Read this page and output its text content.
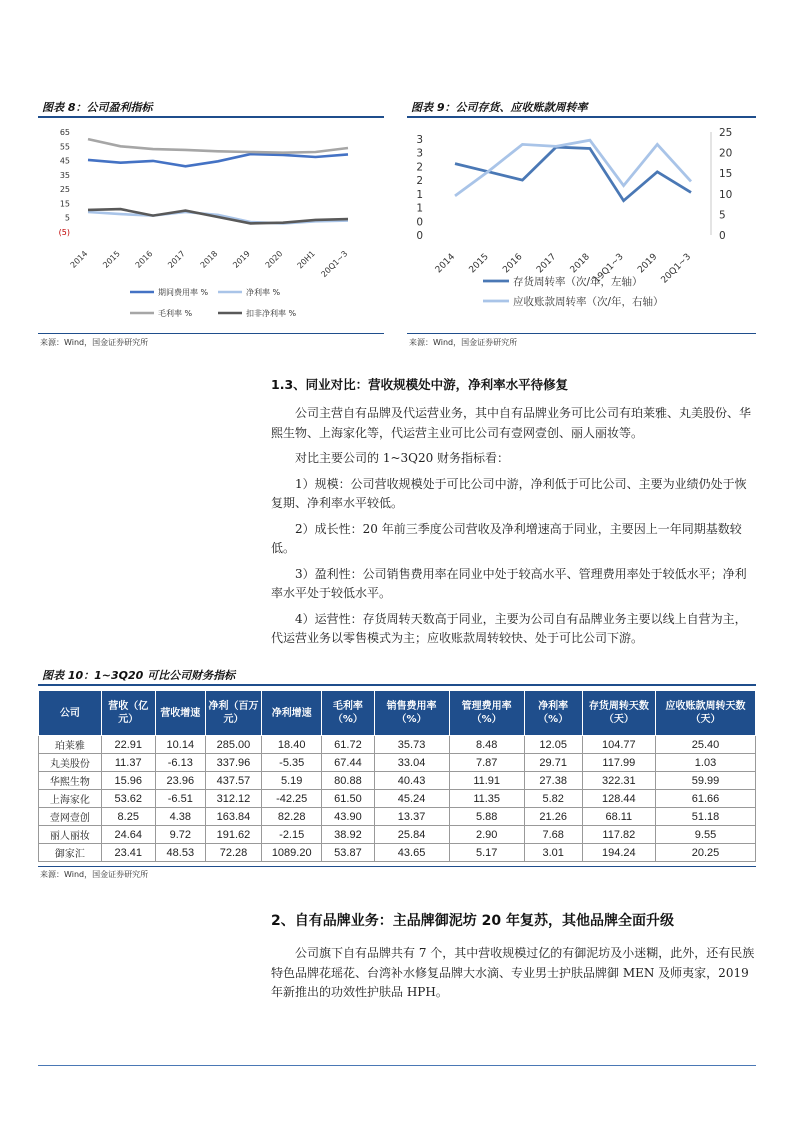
图表 8：公司盈利指标
65
55
45
35
25
15
5
(5)
2014 2015 2016 2017 2018 2019 2020 20H1 20Q1~3
期间费用率 %	净利率 %
毛利率 %	扣非净利率 %
来源：Wind，国金证券研究所
图表 9：公司存货、应收账款周转率
3
3
2
2
1
1
0
0
25
20
15
10
5
0
2014 2015 2016 2017 2018 19Q1~3 2019 20Q1~3
存货周转率（次/年，左轴）
应收账款周转率（次/年，右轴）
来源：Wind，国金证券研究所
1.3、同业对比：营收规模处中游，净利率水平待修复

公司主营自有品牌及代运营业务，其中自有品牌业务可比公司有珀莱雅、丸美股份、华熙生物、上海家化等，代运营主业可比公司有壹网壹创、丽人丽妆等。

对比主要公司的 1~3Q20 财务指标看：

1）规模：公司营收规模处于可比公司中游，净利低于可比公司、主要为业绩仍处于恢复期、净利率水平较低。

2）成长性：20 年前三季度公司营收及净利增速高于同业，主要因上一年同期基数较低。

3）盈利性：公司销售费用率在同业中处于较高水平、管理费用率处于较低水平；净利率水平处于较低水平。

4）运营性：存货周转天数高于同业，主要为公司自有品牌业务主要以线上自营为主，代运营业务以零售模式为主；应收账款周转较快、处于可比公司下游。

图表 10：1~3Q20 可比公司财务指标
公司	营收（亿元）	营收增速	净利（百万元）	净利增速	毛利率（%）	销售费用率（%）	管理费用率（%）	净利率（%）	存货周转天数（天）	应收账款周转天数（天）
珀莱雅	22.91	10.14	285.00	18.40	61.72	35.73	8.48	12.05	104.77	25.40
丸美股份	11.37	-6.13	337.96	-5.35	67.44	33.04	7.87	29.71	117.99	1.03
华熙生物	15.96	23.96	437.57	5.19	80.88	40.43	11.91	27.38	322.31	59.99
上海家化	53.62	-6.51	312.12	-42.25	61.50	45.24	11.35	5.82	128.44	61.66
壹网壹创	8.25	4.38	163.84	82.28	43.90	13.37	5.88	21.26	68.11	51.18
丽人丽妆	24.64	9.72	191.62	-2.15	38.92	25.84	2.90	7.68	117.82	9.55
御家汇	23.41	48.53	72.28	1089.20	53.87	43.65	5.17	3.01	194.24	20.25
来源：Wind，国金证券研究所
2、自有品牌业务：主品牌御泥坊 20 年复苏，其他品牌全面升级

公司旗下自有品牌共有 7 个，其中营收规模过亿的有御泥坊及小迷糊，此外，还有民族特色品牌花瑶花、台湾补水修复品牌大水滴、专业男士护肤品牌御 MEN 及师夷家，2019 年新推出的功效性护肤品 HPH。
